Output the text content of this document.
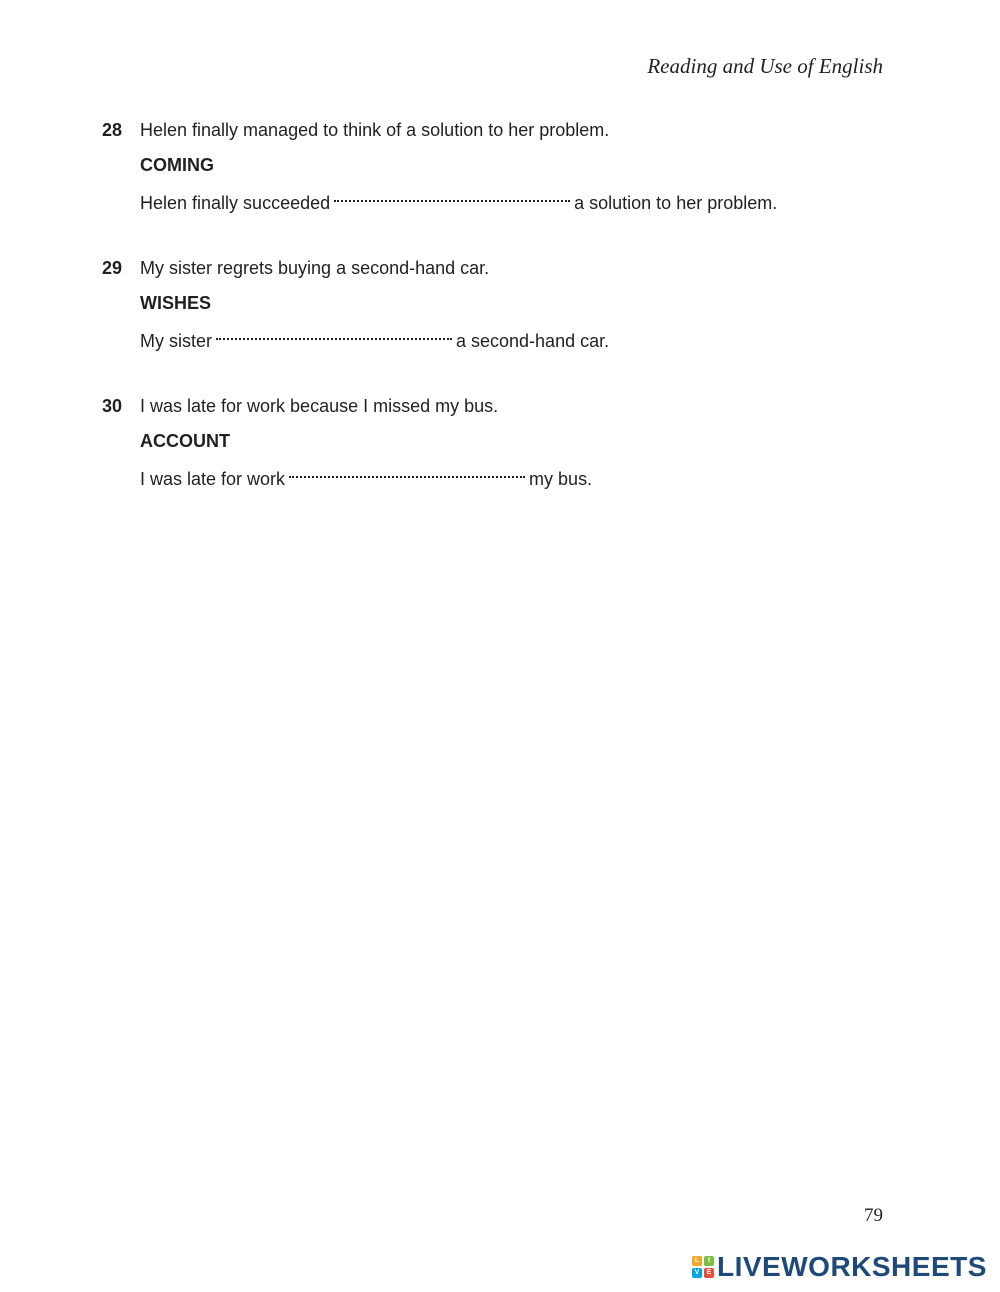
Reading and Use of English
28 Helen finally managed to think of a solution to her problem.
COMING
Helen finally succeeded	a solution to her problem.
29 My sister regrets buying a second-hand car.
WISHES
My sister	a second-hand car.
30 I was late for work because I missed my bus.
ACCOUNT
I was late for work	my bus.
79
L	I
V	E LIVEWORKSHEETS
